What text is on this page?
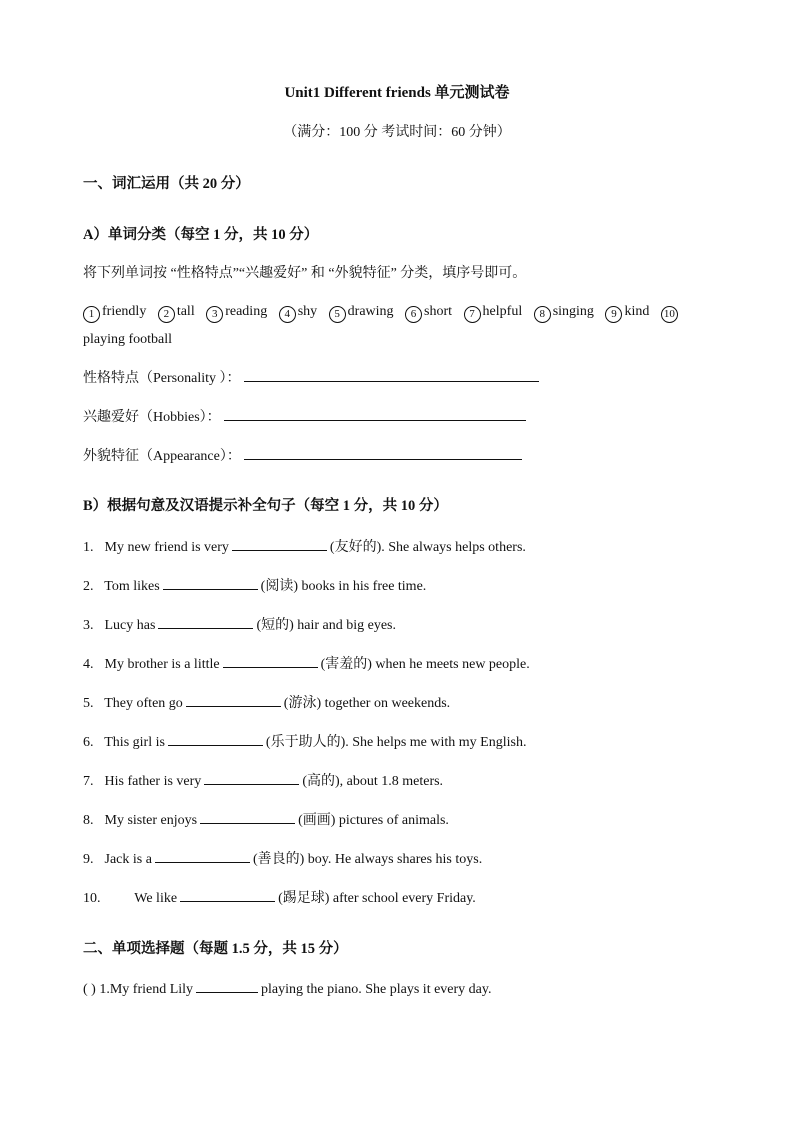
Unit1 Different friends 单元测试卷
（满分：100 分 考试时间：60 分钟）
一、词汇运用（共 20 分）
A）单词分类（每空 1 分，共 10 分）
将下列单词按 “性格特点”“兴趣爱好” 和 “外貌特征” 分类，填序号即可。
1 friendly 2 tall 3 reading 4 shy 5 drawing 6 short 7 helpful 8 singing 9 kind 10
playing football
性格特点（Personality ）：
兴趣爱好（Hobbies）：
外貌特征（Appearance）：
B）根据句意及汉语提示补全句子（每空 1 分，共 10 分）
1. My new friend is very	(友好的). She always helps others.
2. Tom likes	(阅读) books in his free time.
3. Lucy has	(短的) hair and big eyes.
4. My brother is a little	(害羞的) when he meets new people.
5. They often go	(游泳) together on weekends.
6. This girl is	(乐于助人的). She helps me with my English.
7. His father is very	(高的), about 1.8 meters.
8. My sister enjoys	(画画) pictures of animals.
9. Jack is a	(善良的) boy. He always shares his toys.
10. We like	(踢足球) after school every Friday.
二、单项选择题（每题 1.5 分，共 15 分）
( ) 1.My friend Lily	playing the piano. She plays it every day.
